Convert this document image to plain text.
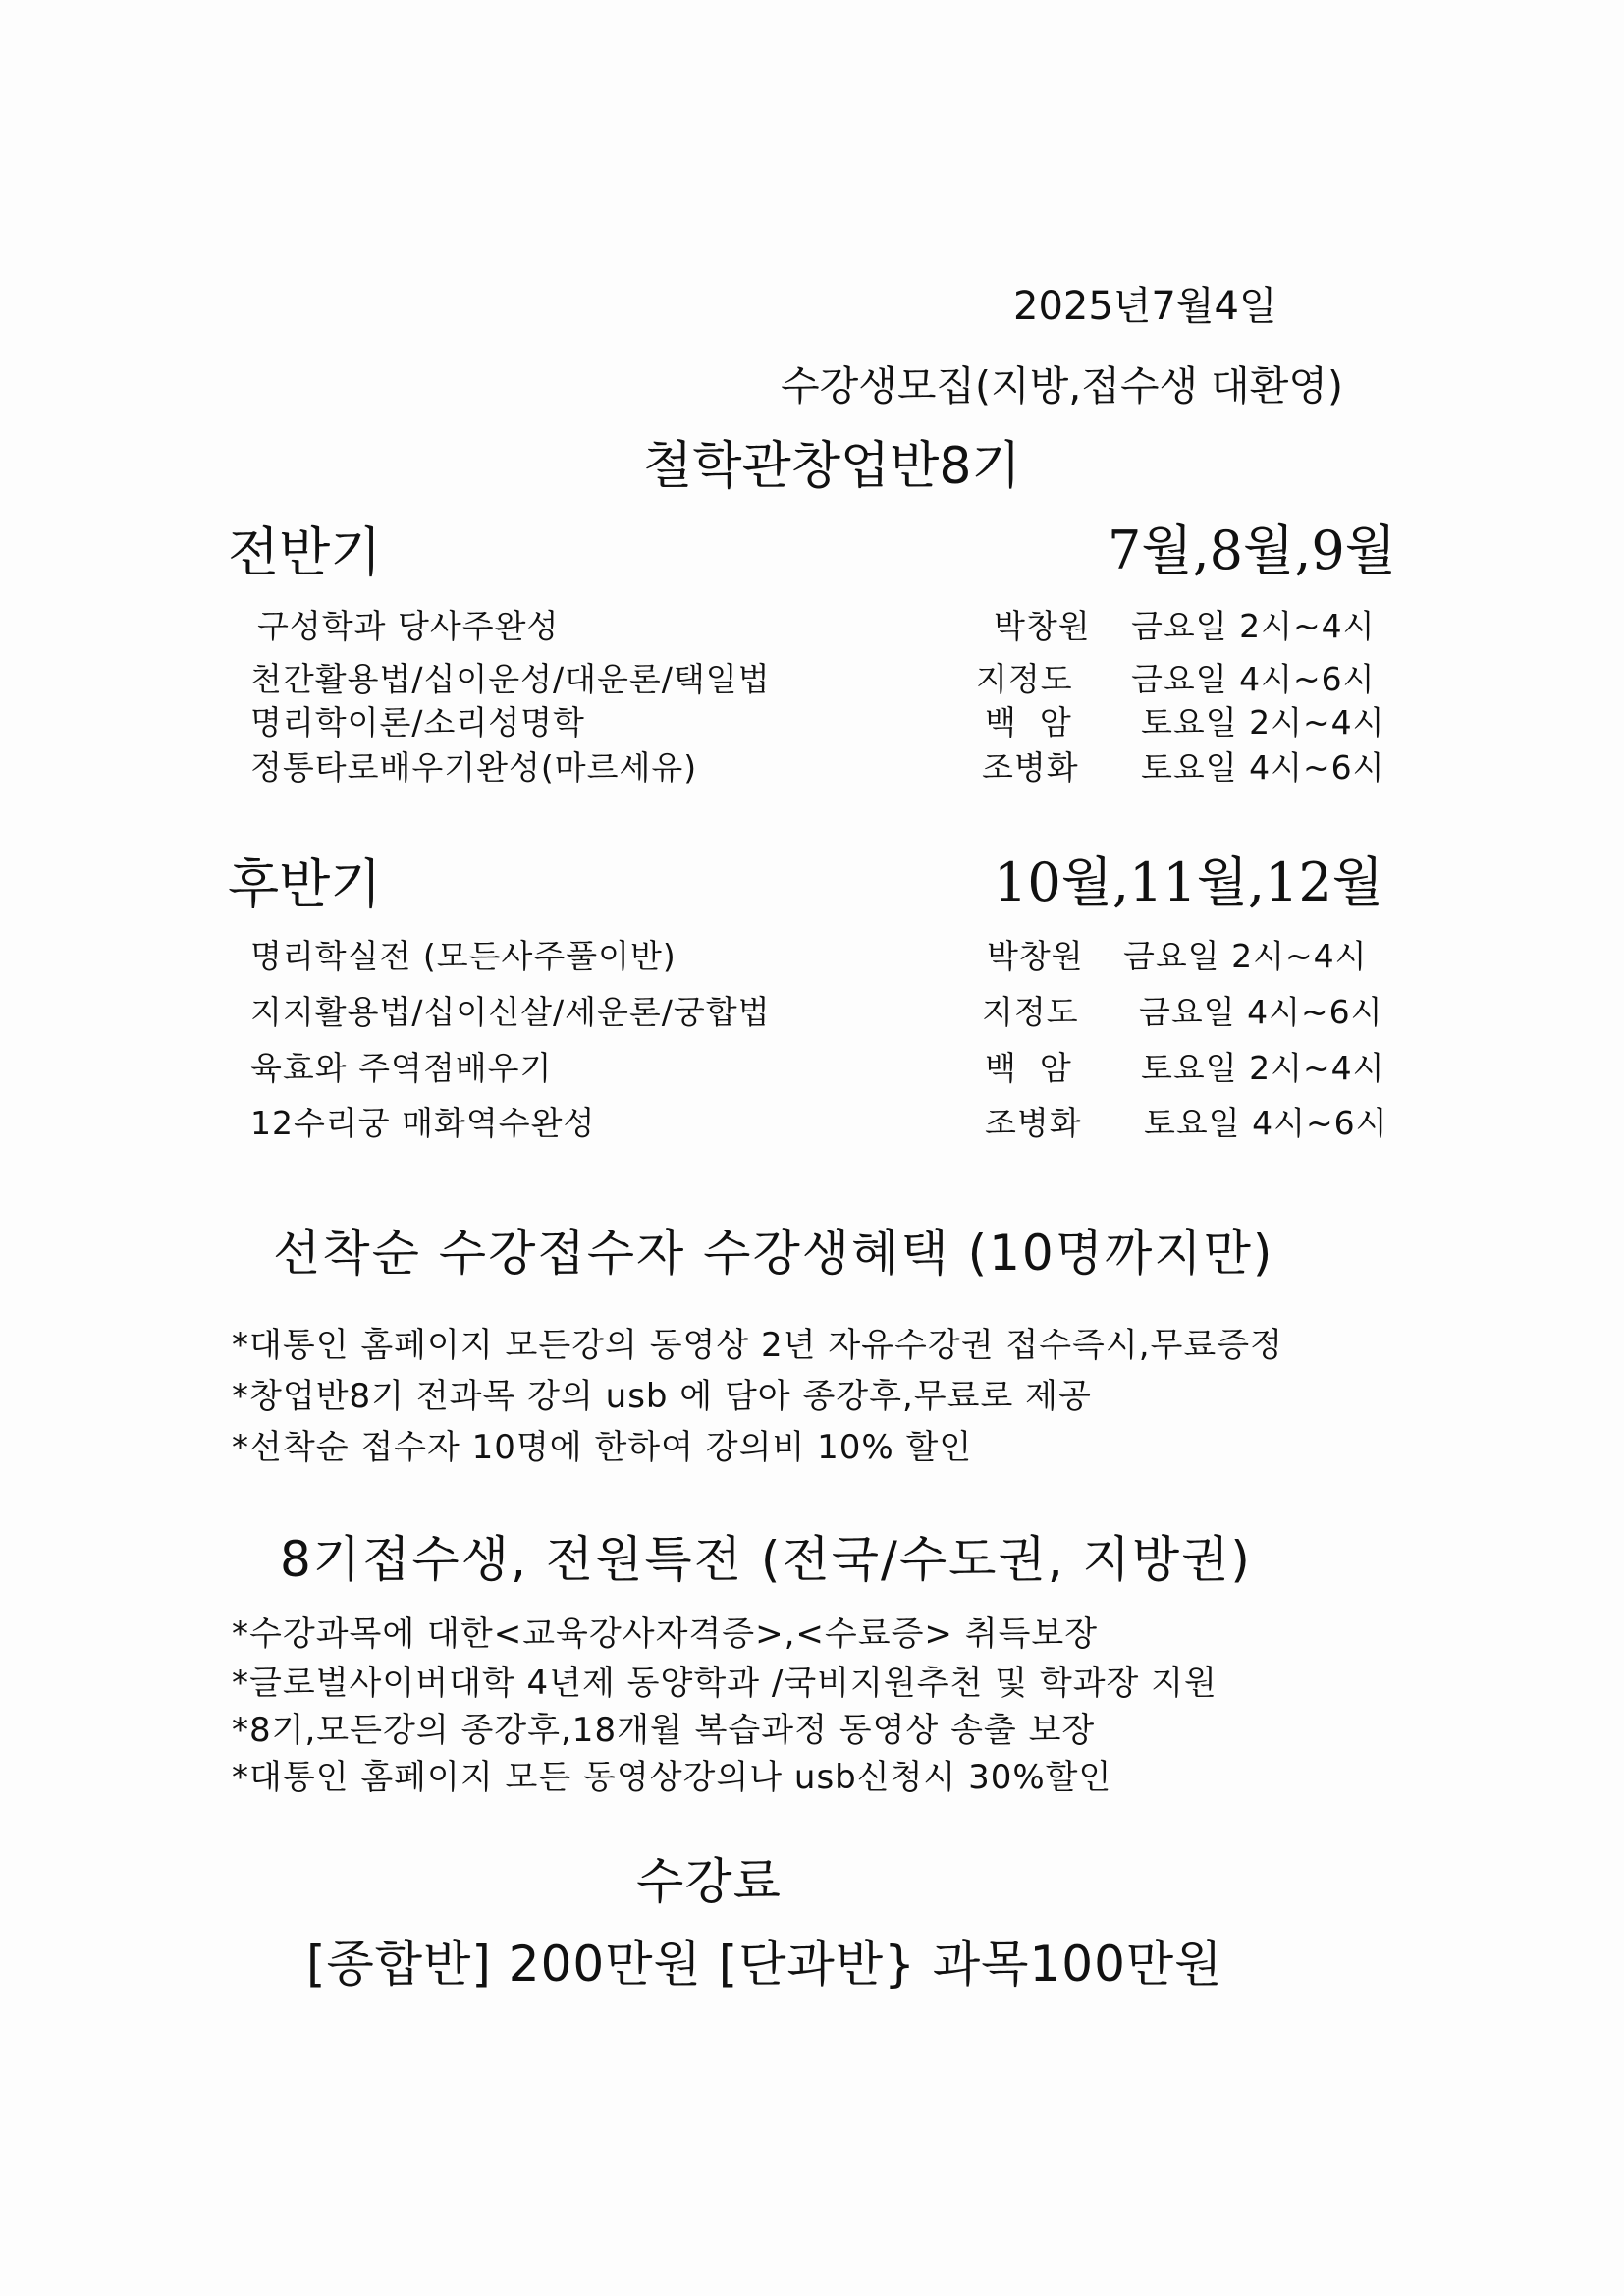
2025년7월4일
수강생모집(지방,접수생 대환영)
철학관창업반8기
전반기	7월,8월,9월
구성학과 당사주완성	박창원 금요일 2시~4시
천간활용법/십이운성/대운론/택일법	지정도 금요일 4시~6시
명리학이론/소리성명학	백  암 토요일 2시~4시
정통타로배우기완성(마르세유)	조병화 토요일 4시~6시
후반기	10월,11월,12월
명리학실전 (모든사주풀이반)	박창원 금요일 2시~4시
지지활용법/십이신살/세운론/궁합법	지정도 금요일 4시~6시
육효와 주역점배우기	백  암 토요일 2시~4시
12수리궁 매화역수완성	조병화 토요일 4시~6시
선착순 수강접수자 수강생혜택 (10명까지만)
*대통인 홈페이지 모든강의 동영상 2년 자유수강권 접수즉시,무료증정
*창업반8기 전과목 강의 usb 에 담아 종강후,무료로 제공
*선착순 접수자 10명에 한하여 강의비 10% 할인
8기접수생, 전원특전 (전국/수도권, 지방권)
*수강과목에 대한<교육강사자격증>,<수료증> 취득보장
*글로벌사이버대학 4년제 동양학과 /국비지원추천 및 학과장 지원
*8기,모든강의 종강후,18개월 복습과정 동영상 송출 보장
*대통인 홈페이지 모든 동영상강의나 usb신청시 30%할인
수강료
[종합반] 200만원 [단과반} 과목100만원
